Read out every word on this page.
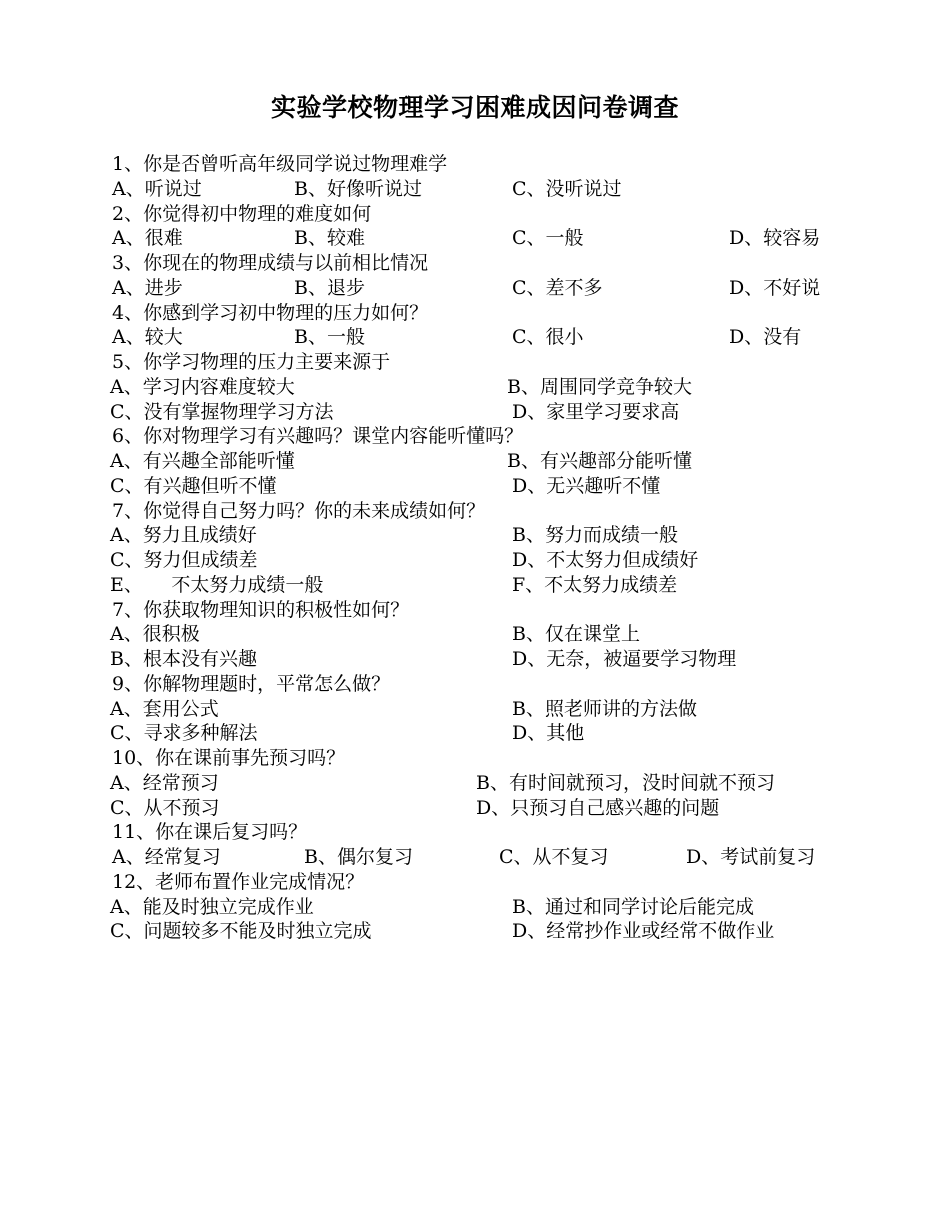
实验学校物理学习困难成因问卷调查
1、你是否曾听高年级同学说过物理难学
A、听说过	B、好像听说过	C、没听说过
2、你觉得初中物理的难度如何
A、很难	B、较难	C、一般	D、较容易
3、你现在的物理成绩与以前相比情况
A、进步	B、退步	C、差不多	D、不好说
4、你感到学习初中物理的压力如何？
A、较大	B、一般	C、很小	D、没有
5、你学习物理的压力主要来源于
A、学习内容难度较大	B、周围同学竞争较大
C、没有掌握物理学习方法	D、家里学习要求高
6、你对物理学习有兴趣吗？课堂内容能听懂吗？
A、有兴趣全部能听懂	B、有兴趣部分能听懂
C、有兴趣但听不懂	D、无兴趣听不懂
7、你觉得自己努力吗？你的未来成绩如何？
A、努力且成绩好	B、努力而成绩一般
C、努力但成绩差	D、不太努力但成绩好
E、　　不太努力成绩一般	F、不太努力成绩差
7、你获取物理知识的积极性如何？
A、很积极	B、仅在课堂上
B、根本没有兴趣	D、无奈，被逼要学习物理
9、你解物理题时，平常怎么做？
A、套用公式	B、照老师讲的方法做
C、寻求多种解法	D、其他
10、你在课前事先预习吗？
A、经常预习	B、有时间就预习，没时间就不预习
C、从不预习	D、只预习自己感兴趣的问题
11、你在课后复习吗？
A、经常复习	B、偶尔复习	C、从不复习	D、考试前复习
12、老师布置作业完成情况？
A、能及时独立完成作业	B、通过和同学讨论后能完成
C、问题较多不能及时独立完成	D、经常抄作业或经常不做作业
